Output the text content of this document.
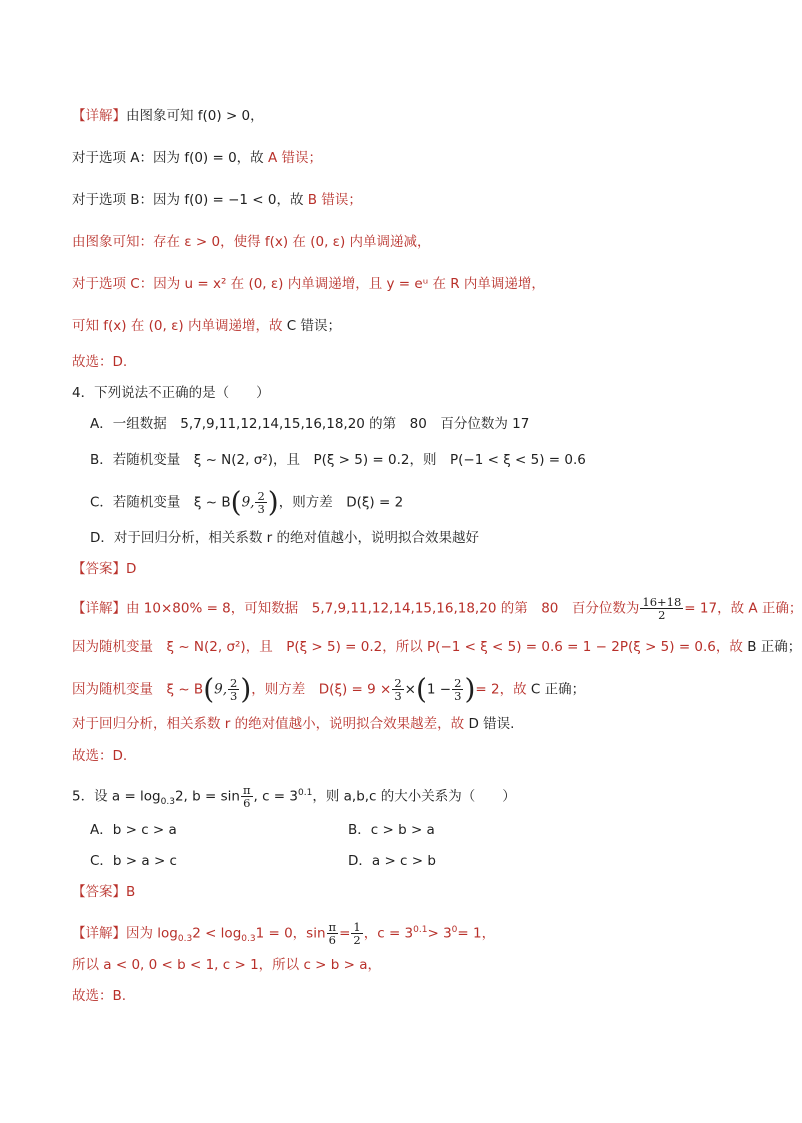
【详解】由图象可知 f(0) > 0，
对于选项 A：因为 f(0) = 0，故 A 错误；
对于选项 B：因为 f(0) = −1 < 0，故 B 错误；
由图象可知：存在 ε > 0，使得 f(x) 在 (0, ε) 内单调递减，
对于选项 C：因为 u = x² 在 (0, ε) 内单调递增，且 y = eᵘ 在 R 内单调递增，
可知 f(x) 在 (0, ε) 内单调递增，故 C 错误；
故选：D.
4．下列说法不正确的是（　　）
A．一组数据　5,7,9,11,12,14,15,16,18,20 的第　80　百分位数为 17
B．若随机变量　ξ ~ N(2, σ²)，且　P(ξ > 5) = 0.2，则　P(−1 < ξ < 5) = 0.6
C．若随机变量　ξ ~ B(9, $\frac{2}{3}$ )，则方差　D(ξ) = 2
D．对于回归分析，相关系数 r 的绝对值越小，说明拟合效果越好
【答案】D
【详解】由 10×80% = 8，可知数据　5,7,9,11,12,14,15,16,18,20 的第　80　百分位数为 $\frac{16+18}{2} = 17$，故 A 正确；
因为随机变量　ξ ~ N(2, σ²)，且　P(ξ > 5) = 0.2，所以 P(−1 < ξ < 5) = 0.6 = 1 − 2P(ξ > 5) = 0.6，故 B 正确；
因为随机变量　ξ ~ B(9, $\frac{2}{3}$ )，则方差　$D(\xi) = 9 \times \frac{2}{3} \times(1 - \frac{2}{3}$ )= 2，故 C 正确；
对于回归分析，相关系数 r 的绝对值越小，说明拟合效果越差，故 D 错误.
故选：D.
5．设 $a = \log_{0.3}2$, $b = \sin \frac{\pi}{6}$ , $c = 3^{0.1}$，则 a,b,c 的大小关系为（　　）
A．b > c > a	B．c > b > a
C．b > a > c	D．a > c > b
【答案】B
【详解】因为 $\log_{0.3}2 < \log_{0.3}1 = 0$，$\sin \frac{\pi}{6} = \frac{1}{2}$ ，$c = 3^{0.1}> 3^0= 1$，
所以 a < 0, 0 < b < 1, c > 1，所以 c > b > a，
故选：B.
